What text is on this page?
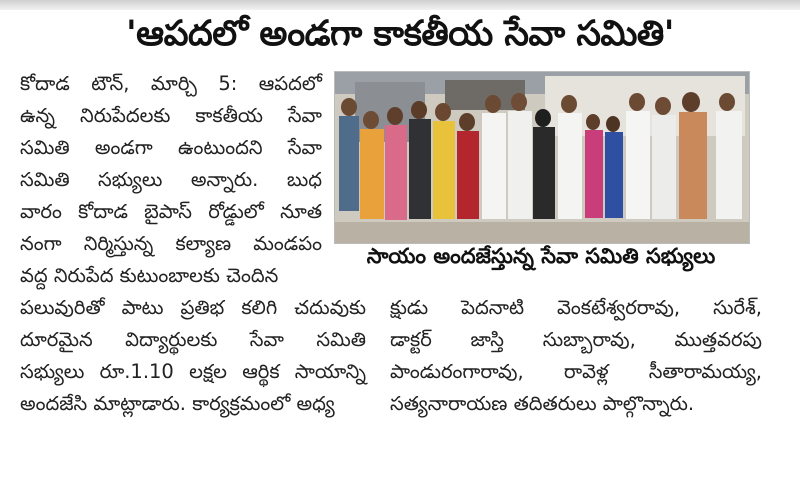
'ఆపదలో అండగా కాకతీయ సేవా సమితి'

కోదాడ టౌన్, మార్చి 5: ఆపదలో

ఉన్న నిరుపేదలకు కాకతీయ సేవా

సమితి అండగా ఉంటుందని సేవా

సమితి సభ్యులు అన్నారు. బుధ

వారం కోదాడ బైపాస్ రోడ్డులో నూత

నంగా నిర్మిస్తున్న కల్యాణ మండపం

వద్ద నిరుపేద కుటుంబాలకు చెందిన

సాయం అందజేస్తున్న సేవా సమితి సభ్యులు

పలువురితో పాటు ప్రతిభ కలిగి చదువుకు

దూరమైన విద్యార్థులకు సేవా సమితి

సభ్యులు రూ.1.10 లక్షల ఆర్థిక సాయాన్ని

అందజేసి మాట్లాడారు. కార్యక్రమంలో అధ్య

క్షుడు పెదనాటి వెంకటేశ్వరరావు, సురేశ్,

డాక్టర్ జాస్తి సుబ్బారావు, ముత్తవరపు

పాండురంగారావు, రావెళ్ల సీతారామయ్య,

సత్యనారాయణ తదితరులు పాల్గొన్నారు.
